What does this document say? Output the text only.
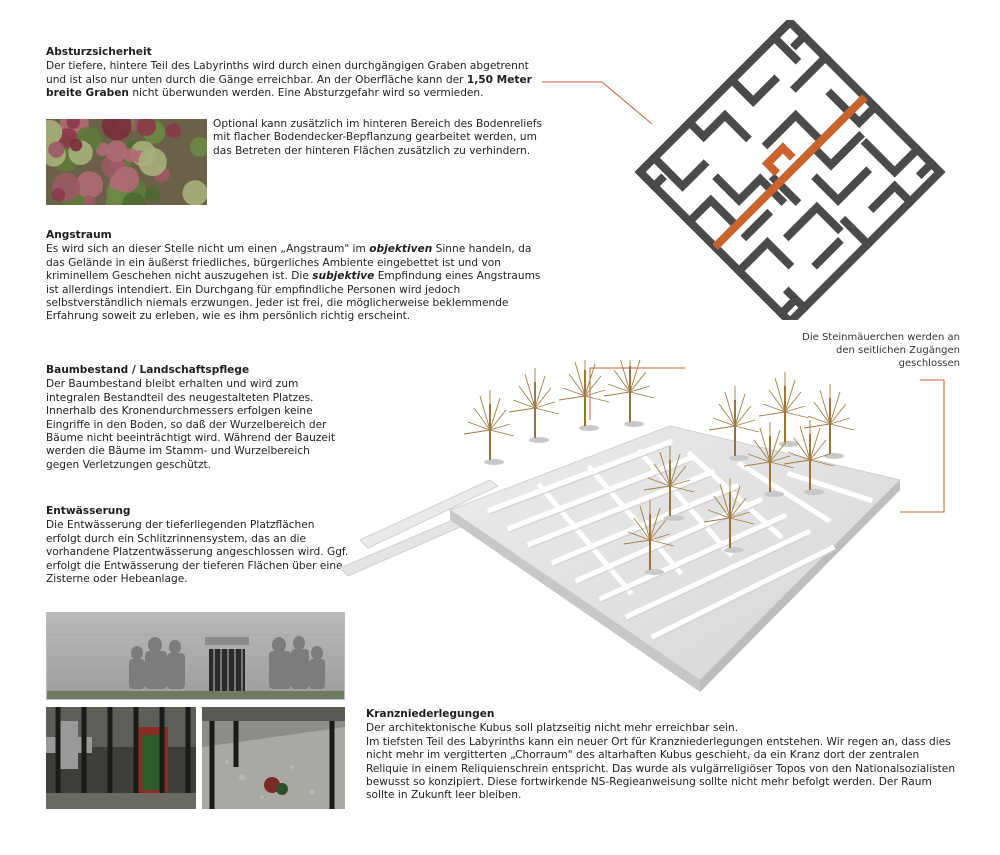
Absturzsicherheit

Der tiefere, hintere Teil des Labyrinths wird durch einen durchgängigen Graben abgetrennt und ist also nur unten durch die Gänge erreichbar. An der Oberfläche kann der 1,50 Meter breite Graben nicht überwunden werden. Eine Absturzgefahr wird so vermieden.

Optional kann zusätzlich im hinteren Bereich des Bodenreliefs mit flacher Bodendecker-Bepflanzung gearbeitet werden, um das Betreten der hinteren Flächen zusätzlich zu verhindern.

Angstraum

Es wird sich an dieser Stelle nicht um einen „Angstraum" im objektiven Sinne handeln, da das Gelände in ein äußerst friedliches, bürgerliches Ambiente eingebettet ist und von kriminellem Geschehen nicht auszugehen ist. Die subjektive Empfindung eines Angstraums ist allerdings intendiert. Ein Durchgang für empfindliche Personen wird jedoch selbstverständlich niemals erzwungen. Jeder ist frei, die möglicherweise beklemmende Erfahrung soweit zu erleben, wie es ihm persönlich richtig erscheint.

Baumbestand / Landschaftspflege

Der Baumbestand bleibt erhalten und wird zum integralen Bestandteil des neugestalteten Platzes. Innerhalb des Kronendurchmessers erfolgen keine Eingriffe in den Boden, so daß der Wurzelbereich der Bäume nicht beeinträchtigt wird. Während der Bauzeit werden die Bäume im Stamm- und Wurzelbereich gegen Verletzungen geschützt.

Entwässerung

Die Entwässerung der tieferliegenden Platzflächen erfolgt durch ein Schlitzrinnensystem, das an die vorhandene Platzentwässerung angeschlossen wird. Ggf. erfolgt die Entwässerung der tieferen Flächen über eine Zisterne oder Hebeanlage.

Kranzniederlegungen

Der architektonische Kubus soll platzseitig nicht mehr erreichbar sein.

Im tiefsten Teil des Labyrinths kann ein neuer Ort für Kranzniederlegungen entstehen. Wir regen an, dass dies nicht mehr im vergitterten „Chorraum" des altarhaften Kubus geschieht, da ein Kranz dort der zentralen Reliquie in einem Reliquienschrein entspricht. Das wurde als vulgärreligiöser Topos von den Nationalsozialisten bewusst so konzipiert. Diese fortwirkende NS-Regieanweisung sollte nicht mehr befolgt werden. Der Raum sollte in Zukunft leer bleiben.

Die Steinmäuerchen werden an den seitlichen Zugängen geschlossen
